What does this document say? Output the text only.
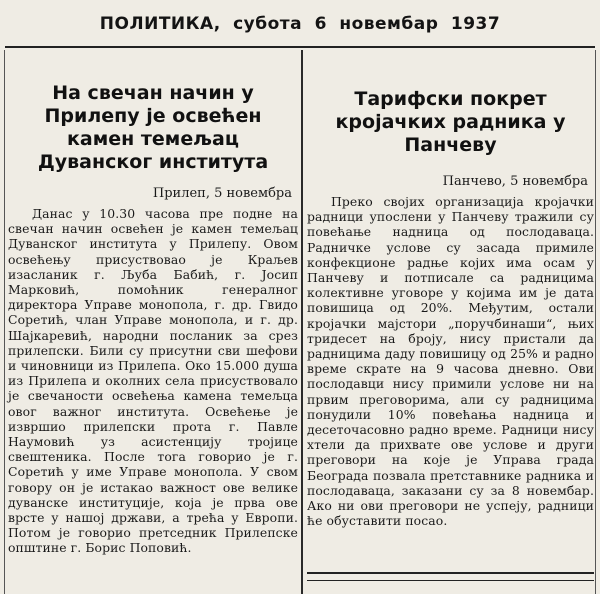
ПОЛИТИКА, субота 6 новембар 1937
На свечан начин у Прилепу је освећен камен темељац Дуванског института
Прилеп, 5 новембра

Данас у 10.30 часова пре подне на свечан начин освећен је камен темељац Дуванског института у Прилепу. Овом освећењу присуствовао је Краљев изасланик г. Љуба Бабић, г. Јосип Марковић, помоћник генералног директора Управе монопола, г. др. Гвидо Соретић, члан Управе монопола, и г. др. Шајкаревић, народни посланик за срез прилепски. Били су присутни сви шефови и чиновници из Прилепа. Око 15.000 душа из Прилепа и околних села присуствовало је свечаности освећења камена темељца овог важног института. Освећење је извршио прилепски прота г. Павле Наумовић уз асистенцију тројице свештеника. После тога говорио је г. Соретић у име Управе монопола. У свом говору он је истакао важност ове велике дуванске институције, која је прва ове врсте у нашој држави, а трећа у Европи. Потом је говорио претседник Прилепске општине г. Борис Поповић.

Тарифски покрет кројачких радника у Панчеву
Панчево, 5 новембра

Преко својих организација кројачки радници упослени у Панчеву тражили су повећање надница од послодаваца. Радничке услове су засада примиле конфекционе радње којих има осам у Панчеву и потписале са радницима колективне уговоре у којима им је дата повишица од 20%. Међутим, остали кројачки мајстори „поручбинаши“, њих тридесет на броју, нису пристали да радницима даду повишицу од 25% и радно време скрате на 9 часова дневно. Ови послодавци нису примили услове ни на првим преговорима, али су радницима понудили 10% повећања надница и десеточасовно радно време. Радници нису хтели да прихвате ове услове и други преговори на које је Управа града Београда позвала претставнике радника и послодаваца, заказани су за 8 новембар. Ако ни ови преговори не успеју, радници ће обуставити посао.
